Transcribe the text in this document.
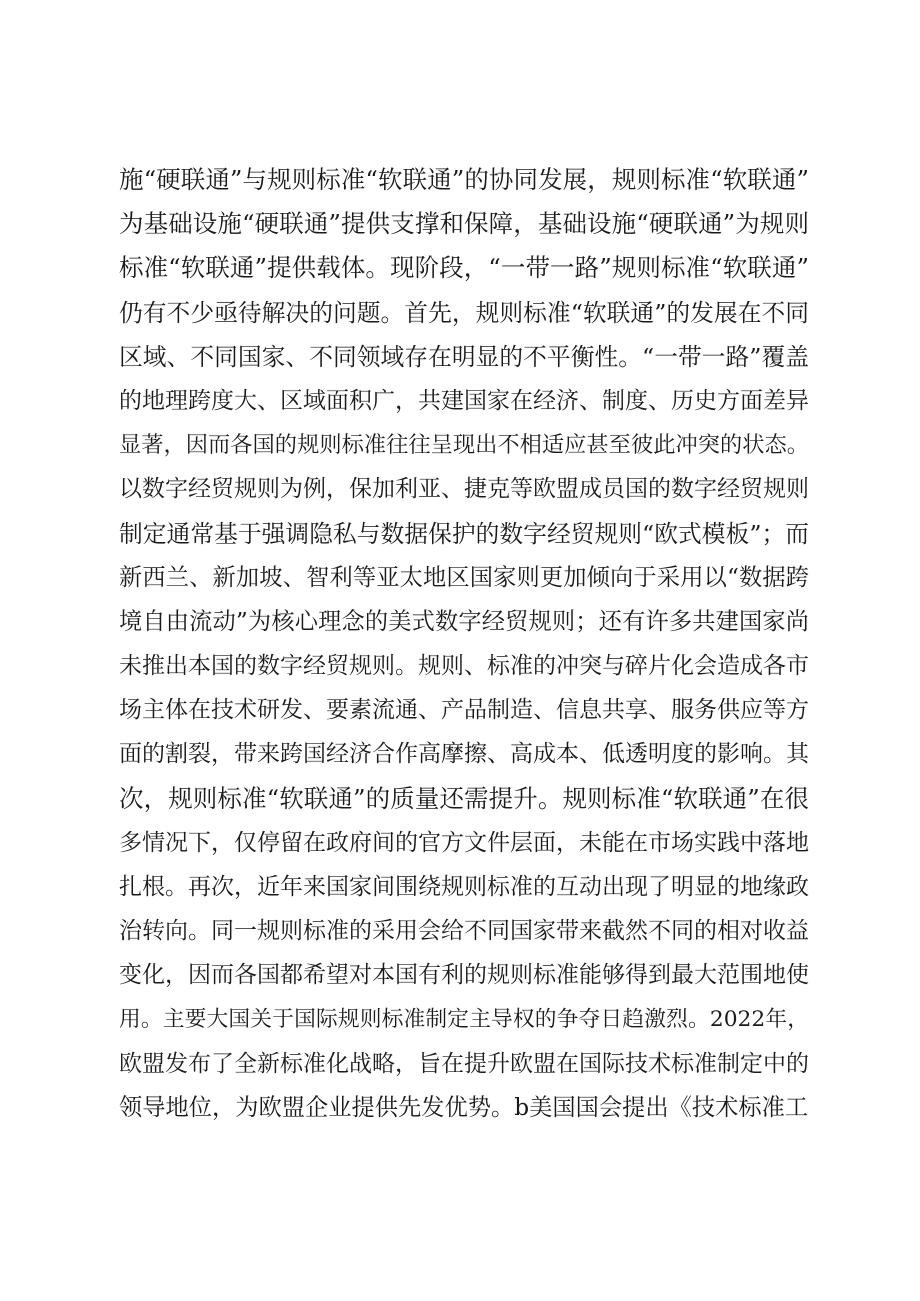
施“硬联通”与规则标准“软联通”的协同发展，规则标准“软联通”
为基础设施“硬联通”提供支撑和保障，基础设施“硬联通”为规则
标准“软联通”提供载体。现阶段，“一带一路”规则标准“软联通”
仍有不少亟待解决的问题。首先，规则标准“软联通”的发展在不同
区域、不同国家、不同领域存在明显的不平衡性。“一带一路”覆盖
的地理跨度大、区域面积广，共建国家在经济、制度、历史方面差异
显著，因而各国的规则标准往往呈现出不相适应甚至彼此冲突的状态。
以数字经贸规则为例，保加利亚、捷克等欧盟成员国的数字经贸规则
制定通常基于强调隐私与数据保护的数字经贸规则“欧式模板”；而
新西兰、新加坡、智利等亚太地区国家则更加倾向于采用以“数据跨
境自由流动”为核心理念的美式数字经贸规则；还有许多共建国家尚
未推出本国的数字经贸规则。规则、标准的冲突与碎片化会造成各市
场主体在技术研发、要素流通、产品制造、信息共享、服务供应等方
面的割裂，带来跨国经济合作高摩擦、高成本、低透明度的影响。其
次，规则标准“软联通”的质量还需提升。规则标准“软联通”在很
多情况下，仅停留在政府间的官方文件层面，未能在市场实践中落地
扎根。再次，近年来国家间围绕规则标准的互动出现了明显的地缘政
治转向。同一规则标准的采用会给不同国家带来截然不同的相对收益
变化，因而各国都希望对本国有利的规则标准能够得到最大范围地使
用。主要大国关于国际规则标准制定主导权的争夺日趋激烈。2022年，
欧盟发布了全新标准化战略，旨在提升欧盟在国际技术标准制定中的
领导地位，为欧盟企业提供先发优势。b美国国会提出《技术标准工
